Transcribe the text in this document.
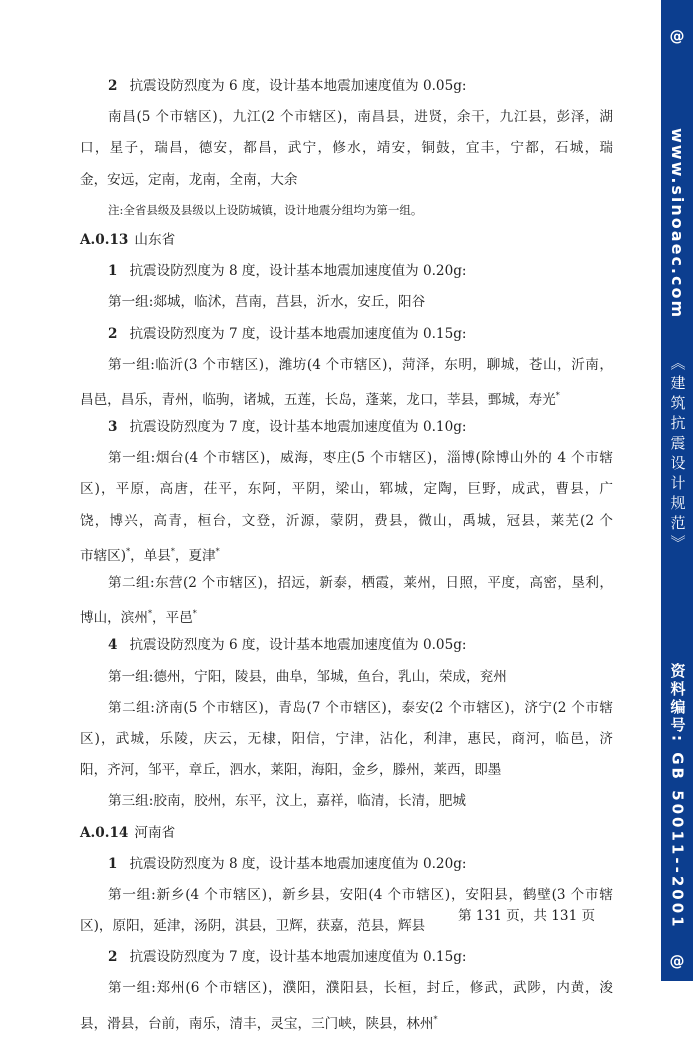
2 抗震设防烈度为 6 度，设计基本地震加速度值为 0.05g:
南昌(5 个市辖区)，九江(2 个市辖区)，南昌县，进贤，余干，九江县，彭泽，湖
口，星子，瑞昌，德安，都昌，武宁，修水，靖安，铜鼓，宜丰，宁都，石城，瑞
金，安远，定南，龙南，全南，大余
注:全省县级及县级以上设防城镇，设计地震分组均为第一组。
A.0.13 山东省
1 抗震设防烈度为 8 度，设计基本地震加速度值为 0.20g:
第一组:郯城，临沭，莒南，莒县，沂水，安丘，阳谷
2 抗震设防烈度为 7 度，设计基本地震加速度值为 0.15g:
第一组:临沂(3 个市辖区)，潍坊(4 个市辖区)，菏泽，东明，聊城，苍山，沂南，
昌邑，昌乐，青州，临驹，诸城，五莲，长岛，蓬莱，龙口，莘县，鄄城，寿光*
3 抗震设防烈度为 7 度，设计基本地震加速度值为 0.10g:
第一组:烟台(4 个市辖区)，威海，枣庄(5 个市辖区)，淄博(除博山外的 4 个市辖
区)，平原，高唐，茌平，东阿，平阴，梁山，郓城，定陶，巨野，成武，曹县，广
饶，博兴，高青，桓台，文登，沂源，蒙阴，费县，微山，禹城，冠县，莱芜(2 个
市辖区)*，单县*，夏津*
第二组:东营(2 个市辖区)，招远，新泰，栖霞，莱州，日照，平度，高密，垦利，
博山，滨州*，平邑*
4 抗震设防烈度为 6 度，设计基本地震加速度值为 0.05g:
第一组:德州，宁阳，陵县，曲阜，邹城，鱼台，乳山，荣成，兖州
第二组:济南(5 个市辖区)，青岛(7 个市辖区)，泰安(2 个市辖区)，济宁(2 个市辖
区)，武城，乐陵，庆云，无棣，阳信，宁津，沾化，利津，惠民，商河，临邑，济
阳，齐河，邹平，章丘，泗水，莱阳，海阳，金乡，滕州，莱西，即墨
第三组:胶南，胶州，东平，汶上，嘉祥，临清，长清，肥城
A.0.14 河南省
1 抗震设防烈度为 8 度，设计基本地震加速度值为 0.20g:
第一组:新乡(4 个市辖区)，新乡县，安阳(4 个市辖区)，安阳县，鹤壁(3 个市辖
区)，原阳，延津，汤阴，淇县，卫辉，获嘉，范县，辉县
2 抗震设防烈度为 7 度，设计基本地震加速度值为 0.15g:
第一组:郑州(6 个市辖区)，濮阳，濮阳县，长桓，封丘，修武，武陟，内黄，浚
县，滑县，台前，南乐，清丰，灵宝，三门峡，陕县，林州*
第 131 页，共 131 页
@
www.sinoaec.com
《建筑抗震设计规范》
资料编号: GB 50011--2001
@
